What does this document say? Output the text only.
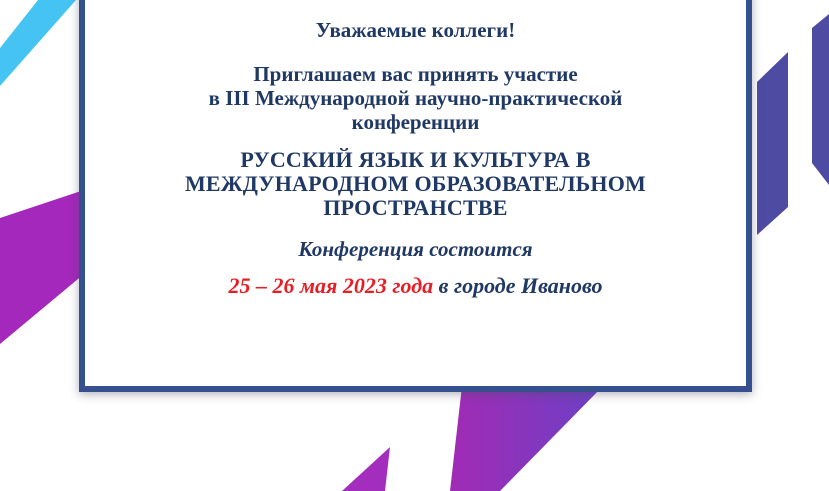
Уважаемые коллеги!

Приглашаем вас принять участие
в III Международной научно-практической
конференции
РУССКИЙ ЯЗЫК И КУЛЬТУРА В
МЕЖДУНАРОДНОМ ОБРАЗОВАТЕЛЬНОМ
ПРОСТРАНСТВЕ

Конференция состоится

25 – 26 мая 2023 года в городе Иваново
